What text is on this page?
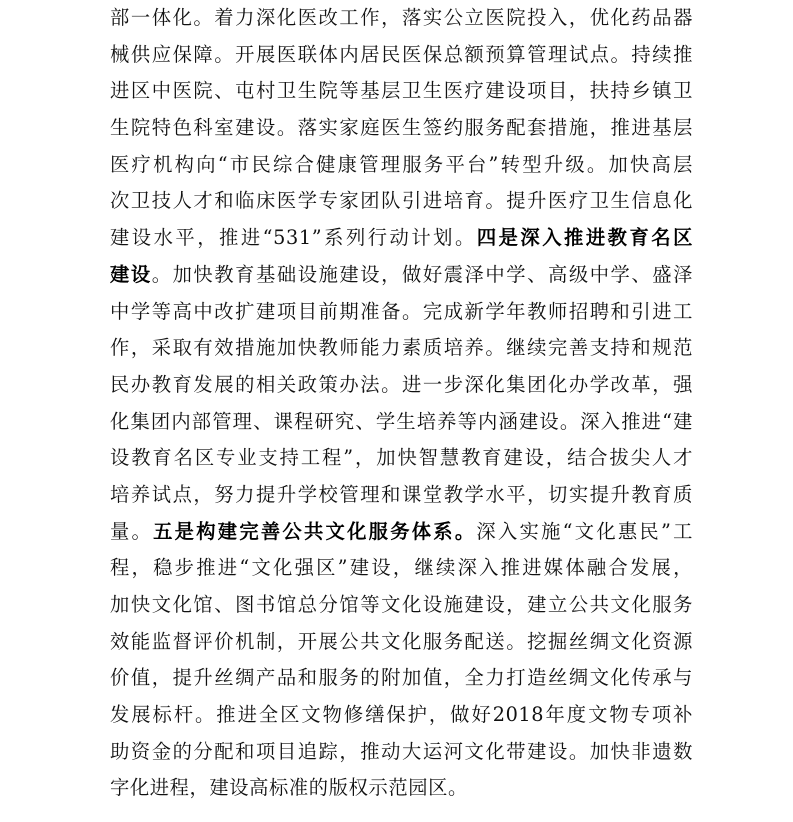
部一体化。着力深化医改工作，落实公立医院投入，优化药品器
械供应保障。开展医联体内居民医保总额预算管理试点。持续推
进区中医院、屯村卫生院等基层卫生医疗建设项目，扶持乡镇卫
生院特色科室建设。落实家庭医生签约服务配套措施，推进基层
医疗机构向“市民综合健康管理服务平台”转型升级。加快高层
次卫技人才和临床医学专家团队引进培育。提升医疗卫生信息化
建设水平，推进“531”系列行动计划。四是深入推进教育名区
建设。加快教育基础设施建设，做好震泽中学、高级中学、盛泽
中学等高中改扩建项目前期准备。完成新学年教师招聘和引进工
作，采取有效措施加快教师能力素质培养。继续完善支持和规范
民办教育发展的相关政策办法。进一步深化集团化办学改革，强
化集团内部管理、课程研究、学生培养等内涵建设。深入推进“建
设教育名区专业支持工程”，加快智慧教育建设，结合拔尖人才
培养试点，努力提升学校管理和课堂教学水平，切实提升教育质
量。五是构建完善公共文化服务体系。深入实施“文化惠民”工
程，稳步推进“文化强区”建设，继续深入推进媒体融合发展，
加快文化馆、图书馆总分馆等文化设施建设，建立公共文化服务
效能监督评价机制，开展公共文化服务配送。挖掘丝绸文化资源
价值，提升丝绸产品和服务的附加值，全力打造丝绸文化传承与
发展标杆。推进全区文物修缮保护，做好2018年度文物专项补
助资金的分配和项目追踪，推动大运河文化带建设。加快非遗数
字化进程，建设高标准的版权示范园区。
